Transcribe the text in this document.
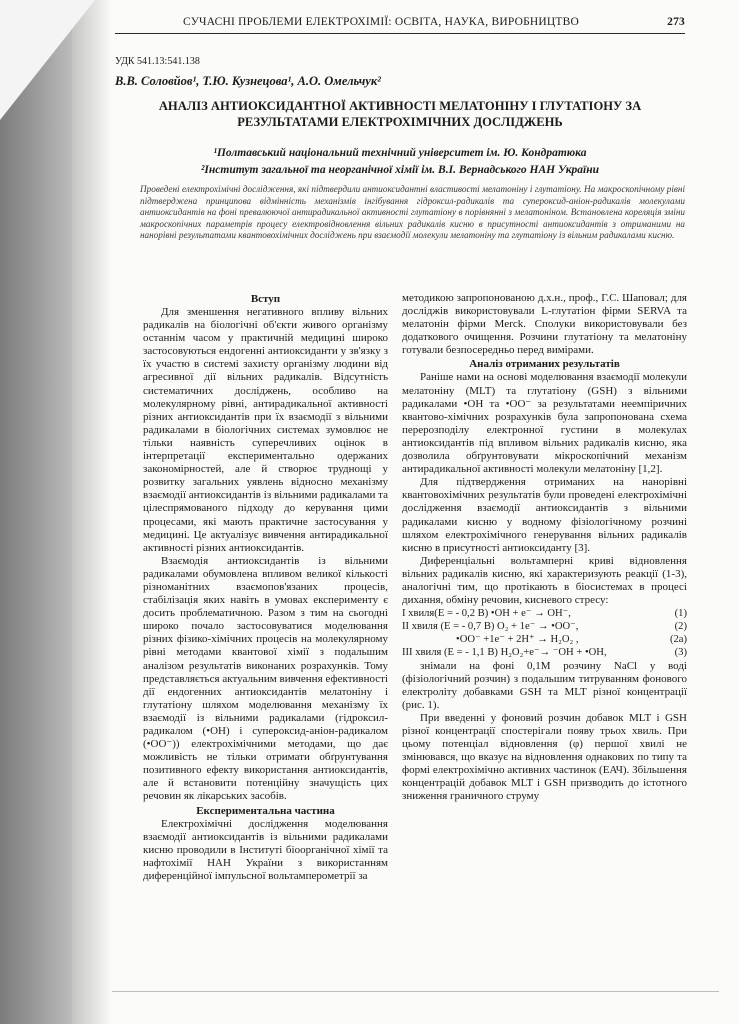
СУЧАСНІ ПРОБЛЕМИ ЕЛЕКТРОХІМІЇ: ОСВІТА, НАУКА, ВИРОБНИЦТВО	273
УДК 541.13:541.138
В.В. Соловйов¹, Т.Ю. Кузнецова¹, А.О. Омельчук²
АНАЛІЗ АНТИОКСИДАНТНОЇ АКТИВНОСТІ МЕЛАТОНІНУ І ГЛУТАТІОНУ ЗА РЕЗУЛЬТАТАМИ ЕЛЕКТРОХІМІЧНИХ ДОСЛІДЖЕНЬ
¹Полтавський національний технічний університет ім. Ю. Кондратюка
²Інститут загальної та неорганічної хімії ім. В.І. Вернадського НАН України
Проведені електрохімічні дослідження, які підтвердили антиоксидантні властивості мелатоніну і глутатіону. На макроскопічному рівні підтверджена принципова відмінність механізмів інгібування гідроксил-радикалів та супероксид-аніон-радикалів молекулами антиоксидантів на фоні превалюючої антирадикальної активності глутатіону в порівнянні з мелатоніном. Встановлена кореляція зміни макроскопічних параметрів процесу електровідновлення вільних радикалів кисню в присутності антиоксидантів з отриманими на нанорівні результатами квантовохімічних досліджень при взаємодії молекули мелатоніну та глутатіону із вільним радикалами кисню.
Вступ

Для зменшення негативного впливу вільних радикалів на біологічні об'єкти живого організму останнім часом у практичній медицині широко застосовуються ендогенні антиоксиданти у зв'язку з їх участю в системі захисту організму людини від агресивної дії вільних радикалів. Відсутність систематичних досліджень, особливо на молекулярному рівні, антирадикальної активності різних антиоксидантів при їх взаємодії з вільними радикалами в біологічних системах зумовлює не тільки наявність суперечливих оцінок в інтерпретації експериментально одержаних закономірностей, але й створює труднощі у розвитку загальних уявлень відносно механізму взаємодії антиоксидантів із вільними радикалами та цілеспрямованого підходу до керування цими процесами, які мають практичне застосування у медицині. Це актуалізує вивчення антирадикальної активності різних антиоксидантів.

Взаємодія антиоксидантів із вільними радикалами обумовлена впливом великої кількості різноманітних взаємопов'язаних процесів, стабілізація яких навіть в умовах експерименту є досить проблематичною. Разом з тим на сьогодні широко почало застосовуватися моделювання різних фізико-хімічних процесів на молекулярному рівні методами квантової хімії з подальшим аналізом результатів виконаних розрахунків. Тому представляється актуальним вивчення ефективності дії ендогенних антиоксидантів мелатоніну і глутатіону шляхом моделювання механізму їх взаємодії із вільними радикалами (гідроксил-радикалом (•OH) і супероксид-аніон-радикалом (•OO⁻)) електрохімічними методами, що дає можливість не тільки отримати обґрунтування позитивного ефекту використання антиоксидантів, але й встановити потенційну значущість цих речовин як лікарських засобів.

Експериментальна частина

Електрохімічні дослідження моделювання взаємодії антиоксидантів із вільними радикалами кисню проводили в Інституті біоорганічної хімії та нафтохімії НАН України з використанням диференційної імпульсної вольтамперометрії за

методикою запропонованою д.х.н., проф., Г.С. Шаповал; для досліджів використовували L-глутатіон фірми SERVA та мелатонін фірми Merck. Сполуки використовували без додаткового очищення. Розчини глутатіону та мелатоніну готували безпосередньо перед вимірами.

Аналіз отриманих результатів

Раніше нами на основі моделювання взаємодії молекули мелатоніну (MLT) та глутатіону (GSH) з вільними радикалами •OH та •OO⁻ за результатами неемпіричних квантово-хімічних розрахунків була запропонована схема перерозподілу електронної густини в молекулах антиоксидантів під впливом вільних радикалів кисню, яка дозволила обґрунтовувати мікроскопічний механізм антирадикальної активності молекули мелатоніну [1,2].

Для підтвердження отриманих на нанорівні квантовохімічних результатів були проведені електрохімічні дослідження взаємодії антиоксидантів з вільними радикалами кисню у водному фізіологічному розчині шляхом електрохімічного генерування вільних радикалів кисню в присутності антиоксиданту [3].

Диференціальні вольтамперні криві відновлення вільних радикалів кисню, які характеризують реакції (1-3), аналогічні тим, що протікають в біосистемах в процесі дихання, обміну речовин, кисневого стресу:

I хвиля(E = - 0,2 B) •OH + e⁻ → OH⁻,	(1)
II хвиля (E = - 0,7 B) O₂ + 1e⁻ → •OO⁻,	(2)
•OO⁻ +1e⁻ + 2H⁺ → H₂O₂ ,	(2a)
III хвиля (E = - 1,1 B) H₂O₂+e⁻→ ⁻OH + •OH,	(3)

знімали на фоні 0,1М розчину NaCl у воді (фізіологічний розчин) з подальшим титруванням фонового електроліту добавками GSH та MLT різної концентрації (рис. 1).

При введенні у фоновий розчин добавок MLT і GSH різної концентрації спостерігали появу трьох хвиль. При цьому потенціал відновлення (φ) першої хвилі не змінювався, що вказує на відновлення однакових по типу та формі електрохімічно активних частинок (ЕАЧ). Збільшення концентрацій добавок MLT і GSH призводить до істотного зниження граничного струму
